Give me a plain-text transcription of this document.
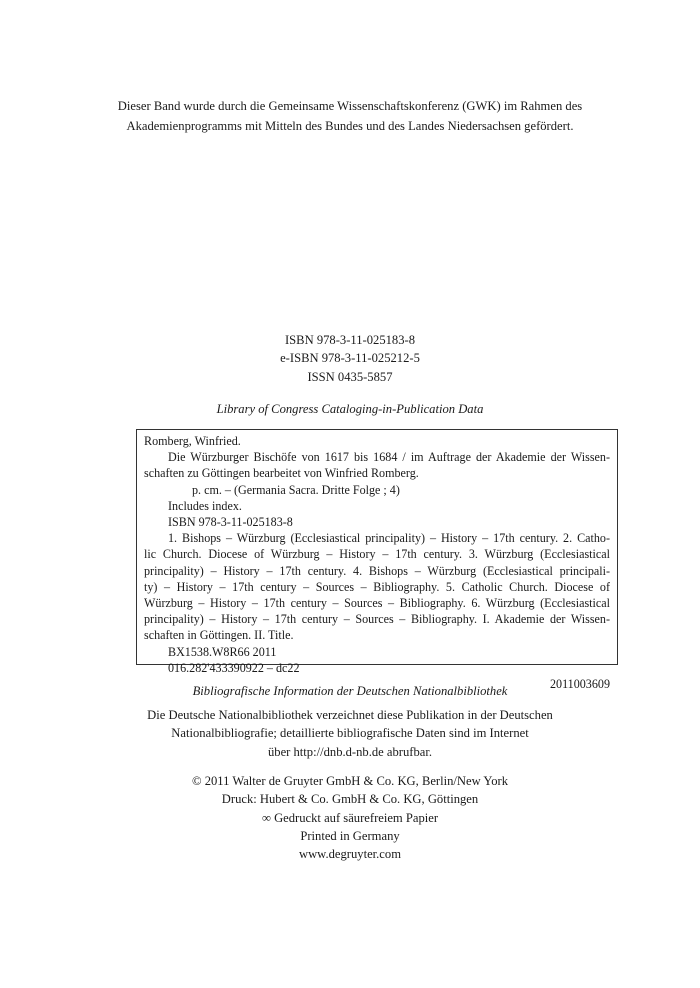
Dieser Band wurde durch die Gemeinsame Wissenschaftskonferenz (GWK) im Rahmen des
Akademienprogramms mit Mitteln des Bundes und des Landes Niedersachsen gefördert.
ISBN 978-3-11-025183-8
e-ISBN 978-3-11-025212-5
ISSN 0435-5857
Library of Congress Cataloging-in-Publication Data
Romberg, Winfried.
Die Würzburger Bischöfe von 1617 bis 1684 / im Auftrage der Akademie der Wissen-
schaften zu Göttingen bearbeitet von Winfried Romberg.
p. cm. – (Germania Sacra. Dritte Folge ; 4)
Includes index.
ISBN 978-3-11-025183-8
1. Bishops – Würzburg (Ecclesiastical principality) – History – 17th century. 2. Catho-
lic Church. Diocese of Würzburg – History – 17th century. 3. Würzburg (Ecclesiastical
principality) – History – 17th century. 4. Bishops – Würzburg (Ecclesiastical principali-
ty) – History – 17th century – Sources – Bibliography. 5. Catholic Church. Diocese of
Würzburg – History – 17th century – Sources – Bibliography. 6. Würzburg (Ecclesiastical
principality) – History – 17th century – Sources – Bibliography. I. Akademie der Wissen-
schaften in Göttingen. II. Title.
BX1538.W8R66 2011
016.282'433390922 – dc22
2011003609
Bibliografische Information der Deutschen Nationalbibliothek
Die Deutsche Nationalbibliothek verzeichnet diese Publikation in der Deutschen
Nationalbibliografie; detaillierte bibliografische Daten sind im Internet
über http://dnb.d-nb.de abrufbar.
© 2011 Walter de Gruyter GmbH & Co. KG, Berlin/New York
Druck: Hubert & Co. GmbH & Co. KG, Göttingen
∞ Gedruckt auf säurefreiem Papier
Printed in Germany
www.degruyter.com
